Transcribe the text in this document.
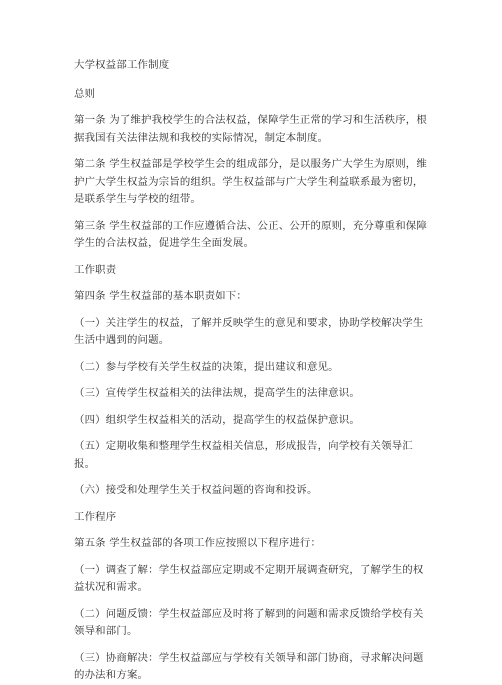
大学权益部工作制度

总则

第一条 为了维护我校学生的合法权益，保障学生正常的学习和生活秩序，根据我国有关法律法规和我校的实际情况，制定本制度。

第二条 学生权益部是学校学生会的组成部分，是以服务广大学生为原则，维护广大学生权益为宗旨的组织。学生权益部与广大学生利益联系最为密切，是联系学生与学校的纽带。

第三条 学生权益部的工作应遵循合法、公正、公开的原则，充分尊重和保障学生的合法权益，促进学生全面发展。

工作职责

第四条 学生权益部的基本职责如下：

（一）关注学生的权益，了解并反映学生的意见和要求，协助学校解决学生生活中遇到的问题。

（二）参与学校有关学生权益的决策，提出建议和意见。

（三）宣传学生权益相关的法律法规，提高学生的法律意识。

（四）组织学生权益相关的活动，提高学生的权益保护意识。

（五）定期收集和整理学生权益相关信息，形成报告，向学校有关领导汇报。

（六）接受和处理学生关于权益问题的咨询和投诉。

工作程序

第五条 学生权益部的各项工作应按照以下程序进行：

（一）调查了解：学生权益部应定期或不定期开展调查研究，了解学生的权益状况和需求。

（二）问题反馈：学生权益部应及时将了解到的问题和需求反馈给学校有关领导和部门。

（三）协商解决：学生权益部应与学校有关领导和部门协商，寻求解决问题的办法和方案。
